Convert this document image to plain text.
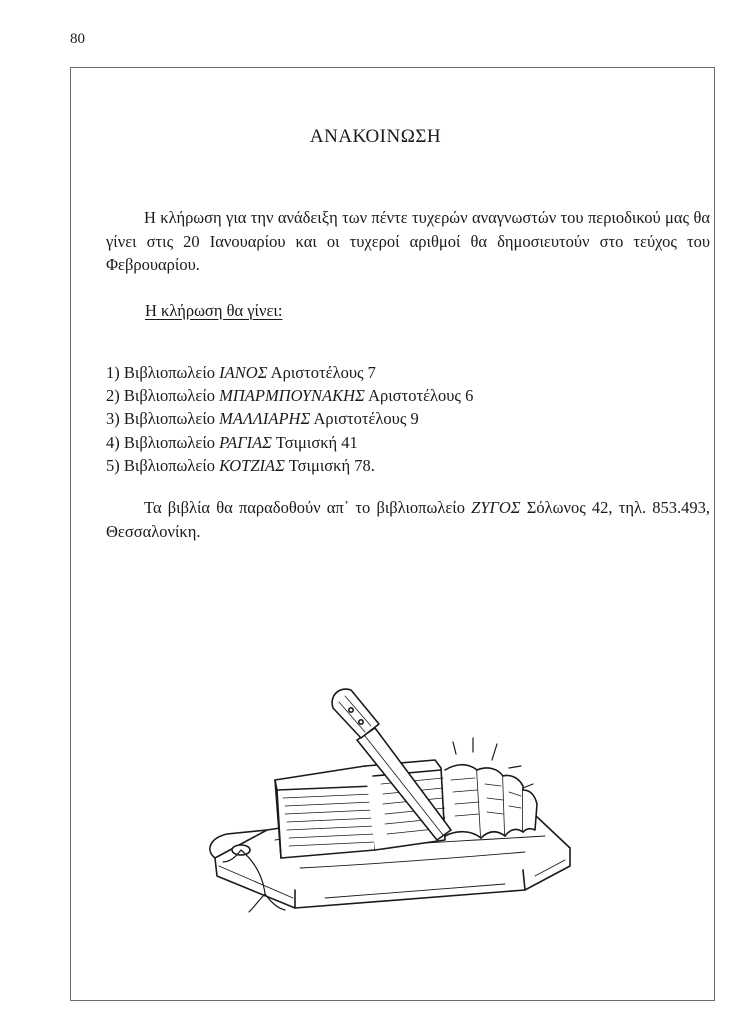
80
ΑΝΑΚΟΙΝΩΣΗ

Η κλήρωση για την ανάδειξη των πέντε τυχερών αναγνωστών του περιοδικού μας θα γίνει στις 20 Ιανουαρίου και οι τυχεροί αριθμοί θα δημοσιευτούν στο τεύχος του Φεβρουαρίου.

Η κλήρωση θα γίνει:
1) Βιβλιοπωλείο ΙΑΝΟΣ Αριστοτέλους 7
2) Βιβλιοπωλείο ΜΠΑΡΜΠΟΥΝΑΚΗΣ Αριστοτέλους 6
3) Βιβλιοπωλείο ΜΑΛΛΙΑΡΗΣ Αριστοτέλους 9
4) Βιβλιοπωλείο ΡΑΓΙΑΣ Τσιμισκή 41
5) Βιβλιοπωλείο ΚΟΤΖΙΑΣ Τσιμισκή 78.

Τα βιβλία θα παραδοθούν απ᾽ το βιβλιοπωλείο ΖΥΓΟΣ Σόλωνος 42, τηλ. 853.493, Θεσσαλονίκη.
